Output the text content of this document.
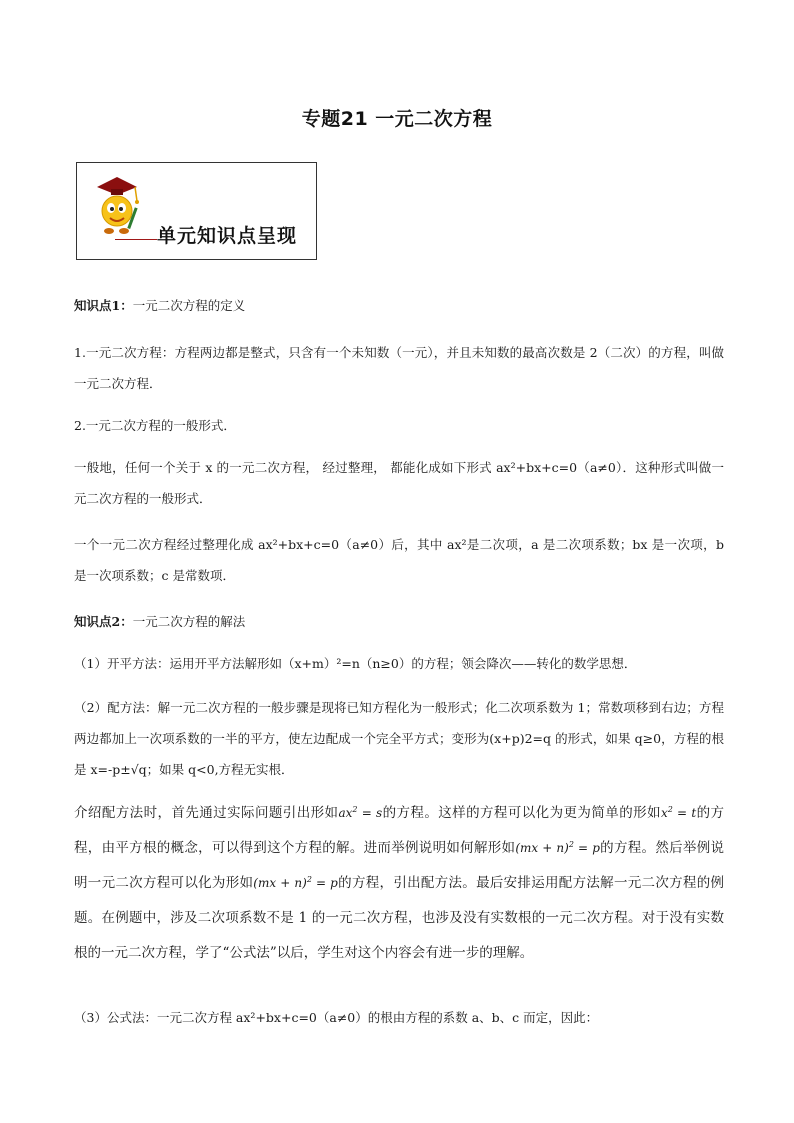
专题21 一元二次方程
单元知识点呈现
知识点1：一元二次方程的定义
1.一元二次方程：方程两边都是整式，只含有一个未知数（一元），并且未知数的最高次数是 2（二次）的方程，叫做一元二次方程．
2.一元二次方程的一般形式．
一般地，任何一个关于 x 的一元二次方程， 经过整理， 都能化成如下形式 ax²+bx+c=0（a≠0）．这种形式叫做一元二次方程的一般形式．
一个一元二次方程经过整理化成 ax²+bx+c=0（a≠0）后，其中 ax²是二次项，a 是二次项系数；bx 是一次项，b 是一次项系数；c 是常数项．
知识点2：一元二次方程的解法
（1）开平方法：运用开平方法解形如（x+m）²=n（n≥0）的方程；领会降次——转化的数学思想．
（2）配方法：解一元二次方程的一般步骤是现将已知方程化为一般形式；化二次项系数为 1；常数项移到右边；方程两边都加上一次项系数的一半的平方，使左边配成一个完全平方式；变形为(x+p)2=q 的形式，如果 q≥0，方程的根是 x=-p±√q；如果 q<0,方程无实根．
介绍配方法时，首先通过实际问题引出形如$ax^2 = s$的方程。这样的方程可以化为更为简单的形如$x^2 = t$的方程，由平方根的概念，可以得到这个方程的解。进而举例说明如何解形如(mx + n)$^2$ = p的方程。然后举例说明一元二次方程可以化为形如(mx + n)$^2$ = p的方程，引出配方法。最后安排运用配方法解一元二次方程的例题。在例题中，涉及二次项系数不是 1 的一元二次方程，也涉及没有实数根的一元二次方程。对于没有实数根的一元二次方程，学了“公式法”以后，学生对这个内容会有进一步的理解。
（3）公式法：一元二次方程 ax²+bx+c=0（a≠0）的根由方程的系数 a、b、c 而定，因此：
